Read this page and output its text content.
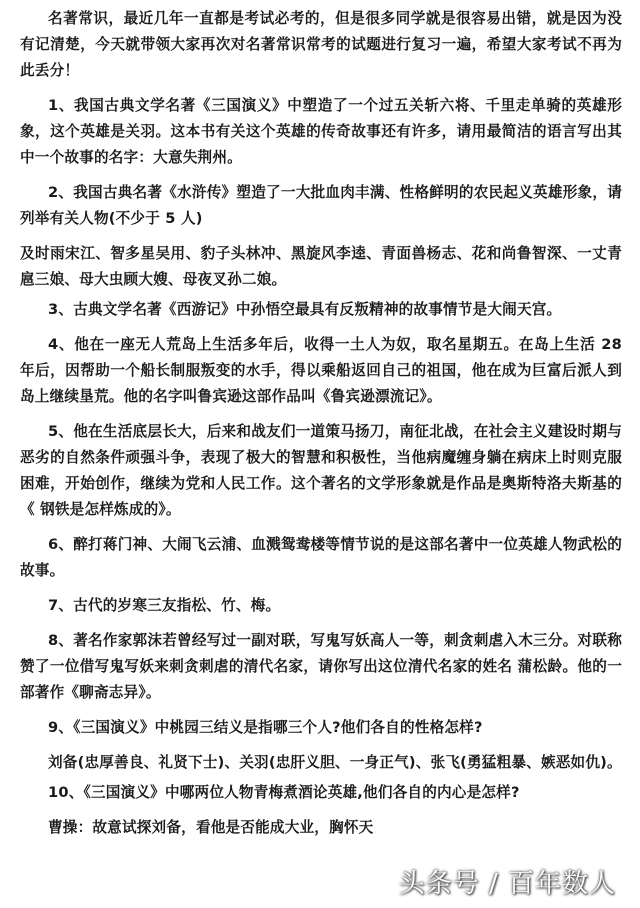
名著常识，最近几年一直都是考试必考的，但是很多同学就是很容易出错，就是因为没有记清楚，今天就带领大家再次对名著常识常考的试题进行复习一遍，希望大家考试不再为此丢分！

1、我国古典文学名著《三国演义》中塑造了一个过五关斩六将、千里走单骑的英雄形象，这个英雄是关羽。这本书有关这个英雄的传奇故事还有许多，请用最简洁的语言写出其中一个故事的名字：大意失荆州。

2、我国古典名著《水浒传》塑造了一大批血肉丰满、性格鲜明的农民起义英雄形象，请列举有关人物(不少于 5 人)

及时雨宋江、智多星吴用、豹子头林冲、黑旋风李逵、青面兽杨志、花和尚鲁智深、一丈青扈三娘、母大虫顾大嫂、母夜叉孙二娘。

3、古典文学名著《西游记》中孙悟空最具有反叛精神的故事情节是大闹天宫。

4、他在一座无人荒岛上生活多年后，收得一土人为奴，取名星期五。在岛上生活 28 年后，因帮助一个船长制服叛变的水手，得以乘船返回自己的祖国，他在成为巨富后派人到岛上继续垦荒。他的名字叫鲁宾逊这部作品叫《鲁宾逊漂流记》。

5、他在生活底层长大，后来和战友们一道策马扬刀，南征北战，在社会主义建设时期与恶劣的自然条件顽强斗争，表现了极大的智慧和积极性，当他病魔缠身躺在病床上时则克服困难，开始创作，继续为党和人民工作。这个著名的文学形象就是作品是奥斯特洛夫斯基的《 钢铁是怎样炼成的》。

6、醉打蒋门神、大闹飞云浦、血溅鸳鸯楼等情节说的是这部名著中一位英雄人物武松的故事。

7、古代的岁寒三友指松、竹、梅。

8、著名作家郭沫若曾经写过一副对联，写鬼写妖高人一等，刺贪刺虐入木三分。对联称赞了一位借写鬼写妖来刺贪刺虐的清代名家，请你写出这位清代名家的姓名 蒲松龄。他的一部著作《聊斋志异》。

9、《三国演义》中桃园三结义是指哪三个人?他们各自的性格怎样?

刘备(忠厚善良、礼贤下士)、关羽(忠肝义胆、一身正气)、张飞(勇猛粗暴、嫉恶如仇)。

10、《三国演义》中哪两位人物青梅煮酒论英雄,他们各自的内心是怎样?

曹操：故意试探刘备，看他是否能成大业，胸怀天

头条号 / 百年数人
